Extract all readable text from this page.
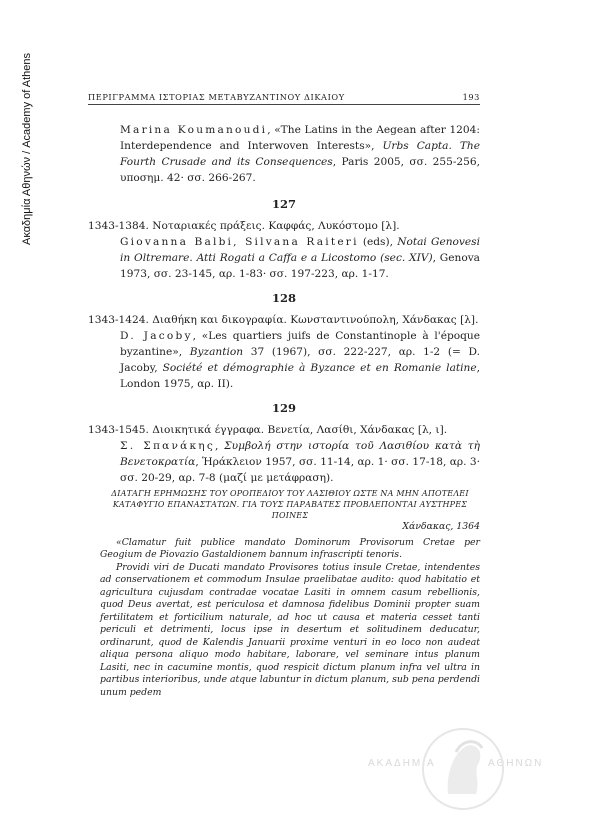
Ακαδημία Αθηνών / Academy of Athens	ΠΕΡΙΓΡΑΜΜΑ ΙΣΤΟΡΙΑΣ ΜΕΤΑΒΥΖΑΝΤΙΝΟΥ ΔΙΚΑΙΟΥ	193
Marina Koumanoudi, «The Latins in the Aegean after 1204: Interdependence and Interwoven Interests», Urbs Capta. The Fourth Crusade and its Consequences, Paris 2005, σσ. 255-256, υποσημ. 42· σσ. 266-267.
127
1343-1384. Νοταριακές πράξεις. Καφφάς, Λυκόστομο [λ].
Giovanna Balbi, Silvana Raiteri (eds), Notai Genovesi in Oltremare. Atti Rogati a Caffa e a Licostomo (sec. XIV), Genova 1973, σσ. 23-145, αρ. 1-83· σσ. 197-223, αρ. 1-17.
128
1343-1424. Διαθήκη και δικογραφία. Κωνσταντινούπολη, Χάνδακας [λ].
D. Jacoby, «Les quartiers juifs de Constantinople à l'époque byzantine», Byzantion 37 (1967), σσ. 222-227, αρ. 1-2 (= D. Jacoby, Société et démographie à Byzance et en Romanie latine, London 1975, αρ. II).
129
1343-1545. Διοικητικά έγγραφα. Βενετία, Λασίθι, Χάνδακας [λ, ι].
Σ. Σπανάκης, Συμβολή στην ιστορία τοῦ Λασιθίου κατὰ τὴ Βενετοκρατία, Ἡράκλειον 1957, σσ. 11-14, αρ. 1· σσ. 17-18, αρ. 3· σσ. 20-29, αρ. 7-8 (μαζί με μετάφραση).
ΔΙΑΤΑΓΗ ΕΡΗΜΩΣΗΣ ΤΟΥ ΟΡΟΠΕΔΙΟΥ ΤΟΥ ΛΑΣΙΘΙΟΥ ΩΣΤΕ ΝΑ ΜΗΝ ΑΠΟΤΕΛΕΙ ΚΑΤΑΦΥΓΙΟ ΕΠΑΝΑΣΤΑΤΩΝ. ΓΙΑ ΤΟΥΣ ΠΑΡΑΒΑΤΕΣ ΠΡΟΒΛΕΠΟΝΤΑΙ ΑΥΣΤΗΡΕΣ ΠΟΙΝΕΣ
Χάνδακας, 1364

«Clamatur fuit publice mandato Dominorum Provisorum Cretae per Geogium de Piovazio Gastaldionem bannum infrascripti tenoris.

Providi viri de Ducati mandato Provisores totius insule Cretae, intendentes ad conservationem et commodum Insulae praelibatae audito: quod habitatio et agricultura cujusdam contradae vocatae Lasiti in omnem casum rebellionis, quod Deus avertat, est periculosa et damnosa fidelibus Dominii propter suam fertilitatem et forticilium naturale, ad hoc ut causa et materia cesset tanti periculi et detrimenti, locus ipse in desertum et solitudinem deducatur, ordinarunt, quod de Kalendis Januarii proxime venturi in eo loco non audeat aliqua persona aliquo modo habitare, laborare, vel seminare intus planum Lasiti, nec in cacumine montis, quod respicit dictum planum infra vel ultra in partibus interioribus, unde atque labuntur in dictum planum, sub pena perdendi unum pedem

ΑΚΑΔΗΜΙΑ	ΑΘΗΝΩΝ
